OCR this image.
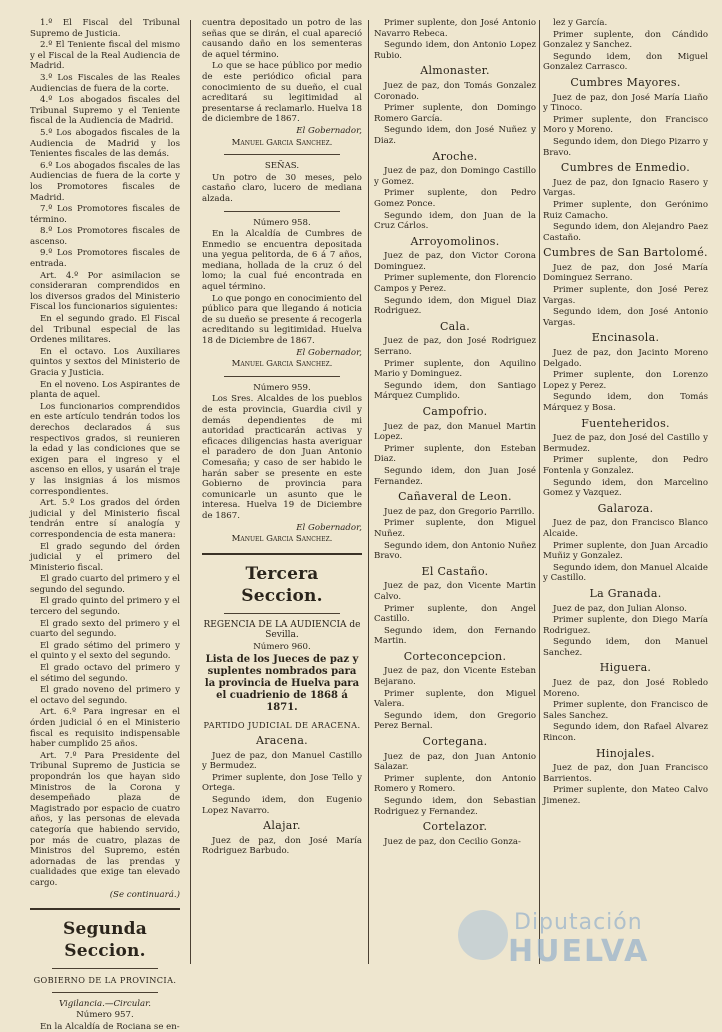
1.º El Fiscal del Tribunal Supremo de Justicia.

2.º El Teniente fiscal del mismo y el Fiscal de la Real Audiencia de Madrid.

3.º Los Fiscales de las Reales Audiencias de fuera de la corte.

4.º Los abogados fiscales del Tribunal Supremo y el Teniente fiscal de la Audiencia de Madrid.

5.º Los abogados fiscales de la Audiencia de Madrid y los Tenientes fiscales de las demás.

6.º Los abogados fiscales de las Audiencias de fuera de la corte y los Promotores fiscales de Madrid.

7.º Los Promotores fiscales de término.

8.º Los Promotores fiscales de ascenso.

9.º Los Promotores fiscales de entrada.

Art. 4.º Por asimilacion se consideraran comprendidos en los diversos grados del Ministerio Fiscal los funcionarios siguientes:

En el segundo grado. El Fiscal del Tribunal especial de las Ordenes militares.

En el octavo. Los Auxiliares quintos y sextos del Ministerio de Gracia y Justicia.

En el noveno. Los Aspirantes de planta de aquel.

Los funcionarios comprendidos en este artículo tendrán todos los derechos declarados á sus respectivos grados, si reunieren la edad y las condiciones que se exigen para el ingreso y el ascenso en ellos, y usarán el traje y las insignias á los mismos correspondientes.

Art. 5.º Los grados del órden judicial y del Ministerio fiscal tendrán entre sí analogía y correspondencia de esta manera:

El grado segundo del órden judicial y el primero del Ministerio fiscal.

El grado cuarto del primero y el segundo del segundo.

El grado quinto del primero y el tercero del segundo.

El grado sexto del primero y el cuarto del segundo.

El grado sétimo del primero y el quinto y el sexto del segundo.

El grado octavo del primero y el sétimo del segundo.

El grado noveno del primero y el octavo del segundo.

Art. 6.º Para ingresar en el órden judicial ó en el Ministerio fiscal es requisito indispensable haber cumplido 25 años.

Art. 7.º Para Presidente del Tribunal Supremo de Justicia se propondrán los que hayan sido Ministros de la Corona y desempeñado plaza de Magistrado por espacio de cuatro años, y las personas de elevada categoría que habiendo servido, por más de cuatro, plazas de Ministros del Supremo, estén adornadas de las prendas y cualidades que exige tan elevado cargo.

(Se continuará.)

Segunda Seccion.
GOBIERNO DE LA PROVINCIA.

Vigilancia.—Circular.

Número 957.

En la Alcaldía de Rociana se en-

cuentra depositado un potro de las señas que se dirán, el cual apareció causando daño en los sementeras de aquel término.

Lo que se hace público por medio de este periódico oficial para conocimiento de su dueño, el cual acreditará su legitimidad al presentarse á reclamarlo. Huelva 18 de diciembre de 1867.

El Gobernador,

Manuel Garcia Sanchez.

SEÑAS.

Un potro de 30 meses, pelo castaño claro, lucero de mediana alzada.

Número 958.

En la Alcaldía de Cumbres de Enmedio se encuentra depositada una yegua pelitorda, de 6 á 7 años, mediana, hollada de la cruz ó del lomo; la cual fué encontrada en aquel término.

Lo que pongo en conocimiento del público para que llegando á noticia de su dueño se presente á recogerla acreditando su legitimidad. Huelva 18 de Diciembre de 1867.

El Gobernador,

Manuel Garcia Sanchez.

Número 959.

Los Sres. Alcaldes de los pueblos de esta provincia, Guardia civil y demás dependientes de mi autoridad practicarán activas y eficaces diligencias hasta averiguar el paradero de don Juan Antonio Comesaña; y caso de ser habido le harán saber se presente en este Gobierno de provincia para comunicarle un asunto que le interesa. Huelva 19 de Diciembre de 1867.

El Gobernador,

Manuel Garcia Sanchez.

Tercera Seccion.

REGENCIA DE LA AUDIENCIA de Sevilla.

Número 960.

Lista de los Jueces de paz y suplentes nombrados para la provincia de Huelva para el cuadrienio de 1868 á 1871.

PARTIDO JUDICIAL DE ARACENA.
Aracena.

Juez de paz, don Manuel Castillo y Bermudez.

Primer suplente, don Jose Tello y Ortega.

Segundo idem, don Eugenio Lopez Navarro.

Alajar.

Juez de paz, don José María Rodriguez Barbudo.

Primer suplente, don José Antonio Navarro Rebeca.

Segundo idem, don Antonio Lopez Rubio.

Almonaster.

Juez de paz, don Tomás Gonzalez Coronado.

Primer suplente, don Domingo Romero García.

Segundo idem, don José Nuñez y Diaz.

Aroche.

Juez de paz, don Domingo Castillo y Gomez.

Primer suplente, don Pedro Gomez Ponce.

Segundo idem, don Juan de la Cruz Cárlos.

Arroyomolinos.

Juez de paz, don Victor Corona Dominguez.

Primer suplemente, don Florencio Campos y Perez.

Segundo idem, don Miguel Diaz Rodriguez.

Cala.

Juez de paz, don José Rodriguez Serrano.

Primer suplente, don Aquilino Mario y Dominguez.

Segundo idem, don Santiago Márquez Cumplido.

Campofrio.

Juez de paz, don Manuel Martin Lopez.

Primer suplente, don Esteban Diaz.

Segundo idem, don Juan José Fernandez.

Cañaveral de Leon.

Juez de paz, don Gregorio Parrillo.

Primer suplente, don Miguel Nuñez.

Segundo idem, don Antonio Nuñez Bravo.

El Castaño.

Juez de paz, don Vicente Martin Calvo.

Primer suplente, don Angel Castillo.

Segundo idem, don Fernando Martin.

Corteconcepcion.

Juez de paz, don Vicente Esteban Bejarano.

Primer suplente, don Miguel Valera.

Segundo idem, don Gregorio Perez Bernal.

Cortegana.

Juez de paz, don Juan Antonio Salazar.

Primer suplente, don Antonio Romero y Romero.

Segundo idem, don Sebastian Rodriguez y Fernandez.

Cortelazor.

Juez de paz, don Cecilio Gonza-

lez y García.

Primer suplente, don Cándido Gonzalez y Sanchez.

Segundo idem, don Miguel Gonzalez Carrasco.

Cumbres Mayores.

Juez de paz, don José María Liaño y Tinoco.

Primer suplente, don Francisco Moro y Moreno.

Segundo idem, don Diego Pizarro y Bravo.

Cumbres de Enmedio.

Juez de paz, don Ignacio Rasero y Vargas.

Primer suplente, don Gerónimo Ruiz Camacho.

Segundo idem, don Alejandro Paez Castaño.

Cumbres de San Bartolomé.

Juez de paz, don José María Dominguez Serrano.

Primer suplente, don José Perez Vargas.

Segundo idem, don José Antonio Vargas.

Encinasola.

Juez de paz, don Jacinto Moreno Delgado.

Primer suplente, don Lorenzo Lopez y Perez.

Segundo idem, don Tomás Márquez y Bosa.

Fuenteheridos.

Juez de paz, don José del Castillo y Bermudez.

Primer suplente, don Pedro Fontenla y Gonzalez.

Segundo idem, don Marcelino Gomez y Vazquez.

Galaroza.

Juez de paz, don Francisco Blanco Alcaide.

Primer suplente, don Juan Arcadio Muñiz y Gonzalez.

Segundo idem, don Manuel Alcaide y Castillo.

La Granada.

Juez de paz, don Julian Alonso.

Primer suplente, don Diego María Rodriguez.

Segundo idem, don Manuel Sanchez.

Higuera.

Juez de paz, don José Robledo Moreno.

Primer suplente, don Francisco de Sales Sanchez.

Segundo idem, don Rafael Alvarez Rincon.

Hinojales.

Juez de paz, don Juan Francisco Barrientos.

Primer suplente, don Mateo Calvo Jimenez.

Diputación
HUELVA
